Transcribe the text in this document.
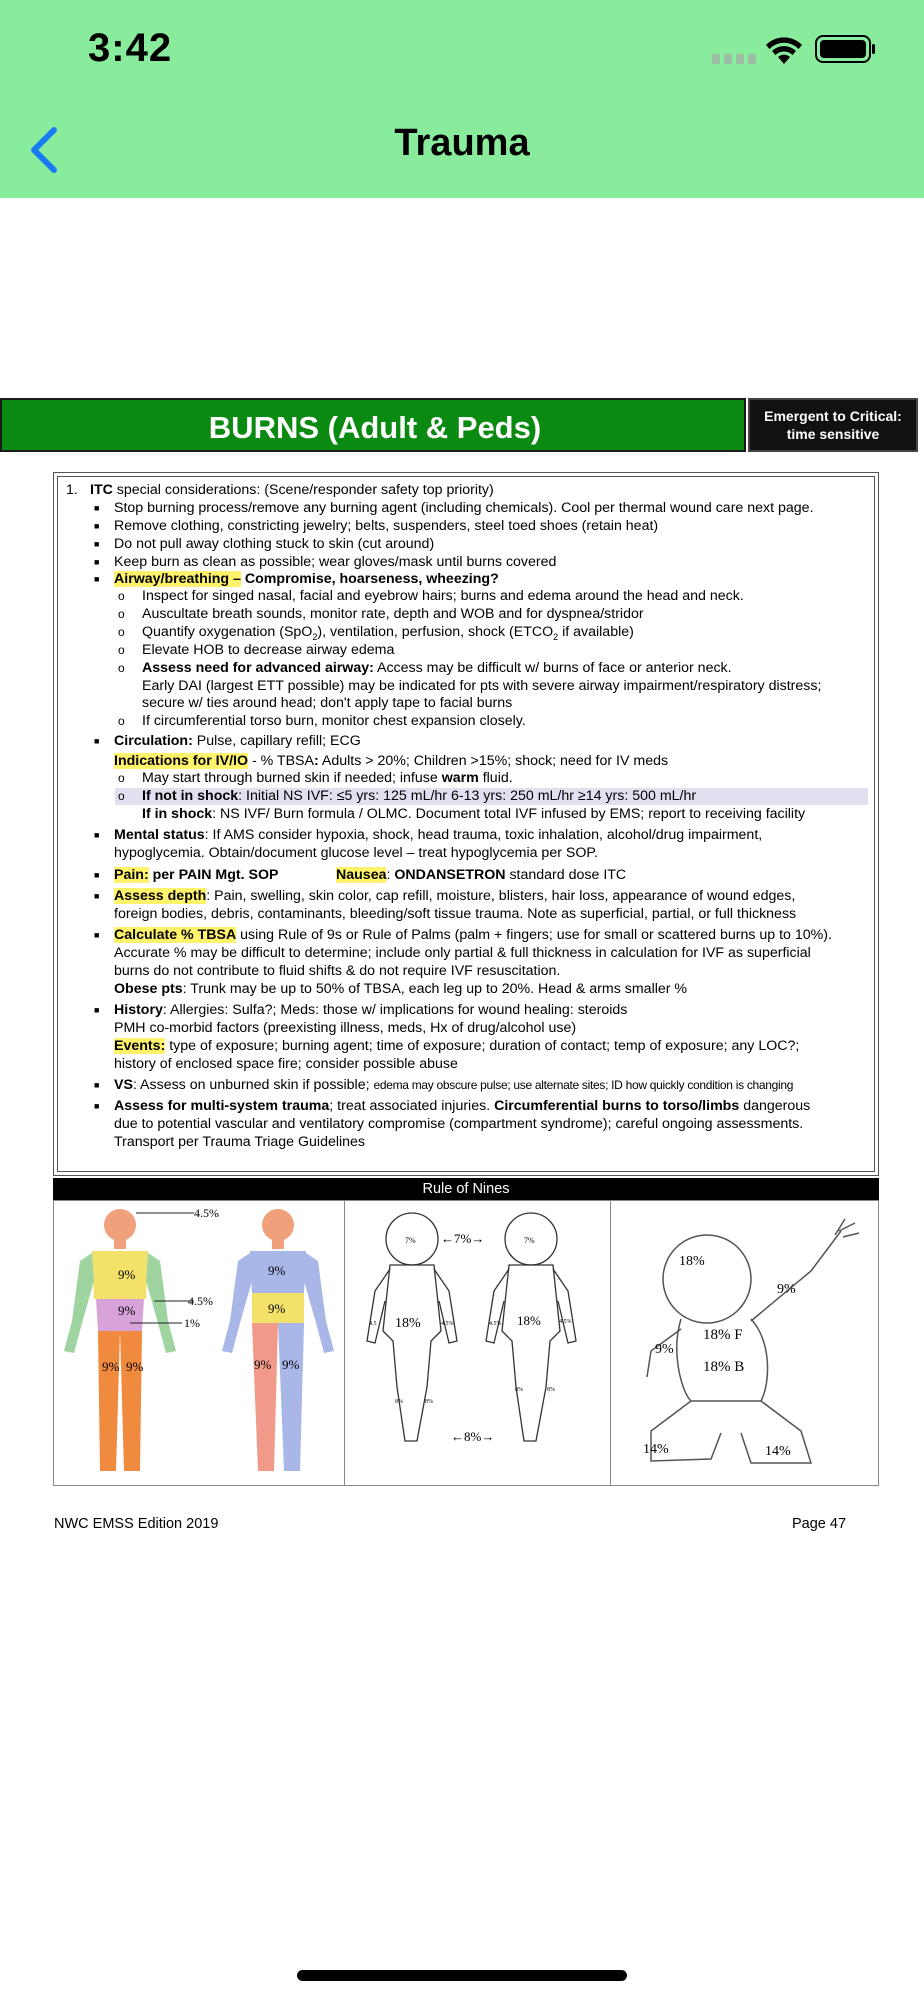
3:42
Trauma
BURNS (Adult & Peds)	Emergent to Critical:
time sensitive
1. ITC special considerations: (Scene/responder safety top priority)
■ Stop burning process/remove any burning agent (including chemicals). Cool per thermal wound care next page.
■ Remove clothing, constricting jewelry; belts, suspenders, steel toed shoes (retain heat)
■ Do not pull away clothing stuck to skin (cut around)
■ Keep burn as clean as possible; wear gloves/mask until burns covered
■ Airway/breathing – Compromise, hoarseness, wheezing?
o Inspect for singed nasal, facial and eyebrow hairs; burns and edema around the head and neck.
o Auscultate breath sounds, monitor rate, depth and WOB and for dyspnea/stridor
o Quantify oxygenation (SpO$_2$), ventilation, perfusion, shock ($ETCO_2$ if available)
o Elevate HOB to decrease airway edema
o Assess need for advanced airway: Access may be difficult w/ burns of face or anterior neck.
Early DAI (largest ETT possible) may be indicated for pts with severe airway impairment/respiratory distress;
secure w/ ties around head; don't apply tape to facial burns
o If circumferential torso burn, monitor chest expansion closely.
■ Circulation: Pulse, capillary refill; ECG
Indications for IV/IO - % TBSA: Adults > 20%; Children >15%; shock; need for IV meds
o May start through burned skin if needed; infuse warm fluid.
o If not in shock: Initial NS IVF: ≤5 yrs: 125 mL/hr 6-13 yrs: 250 mL/hr ≥14 yrs: 500 mL/hr
If in shock: NS IVF/ Burn formula / OLMC. Document total IVF infused by EMS; report to receiving facility
■ Mental status: If AMS consider hypoxia, shock, head trauma, toxic inhalation, alcohol/drug impairment,
hypoglycemia. Obtain/document glucose level – treat hypoglycemia per SOP.
■ Pain: per PAIN Mgt. SOP	Nausea: ONDANSETRON standard dose ITC
■ Assess depth: Pain, swelling, skin color, cap refill, moisture, blisters, hair loss, appearance of wound edges,
foreign bodies, debris, contaminants, bleeding/soft tissue trauma. Note as superficial, partial, or full thickness
■ Calculate % TBSA using Rule of 9s or Rule of Palms (palm + fingers; use for small or scattered burns up to 10%).
Accurate % may be difficult to determine; include only partial & full thickness in calculation for IVF as superficial
burns do not contribute to fluid shifts & do not require IVF resuscitation.
Obese pts: Trunk may be up to 50% of TBSA, each leg up to 20%. Head & arms smaller %
■ History: Allergies: Sulfa?; Meds: those w/ implications for wound healing: steroids
PMH co-morbid factors (preexisting illness, meds, Hx of drug/alcohol use)
Events: type of exposure; burning agent; time of exposure; duration of contact; temp of exposure; any LOC?;
history of enclosed space fire; consider possible abuse
■ VS: Assess on unburned skin if possible; edema may obscure pulse; use alternate sites; ID how quickly condition is changing
■ Assess for multi-system trauma; treat associated injuries. Circumferential burns to torso/limbs dangerous
due to potential vascular and ventilatory compromise (compartment syndrome); careful ongoing assessments.
Transport per Trauma Triage Guidelines
Rule of Nines
4.5%
4.5%
9%
9%
1%
9% 9%
9%
9%
9% 9%
7%	7%
←7%→
18%	18%
4.5	4.5%	4.5%	4.5%
8%	8%
8%	8%
←8%→
18%
9%
9%
18% F
18% B
14%	14%
NWC EMSS Edition 2019	Page 47
